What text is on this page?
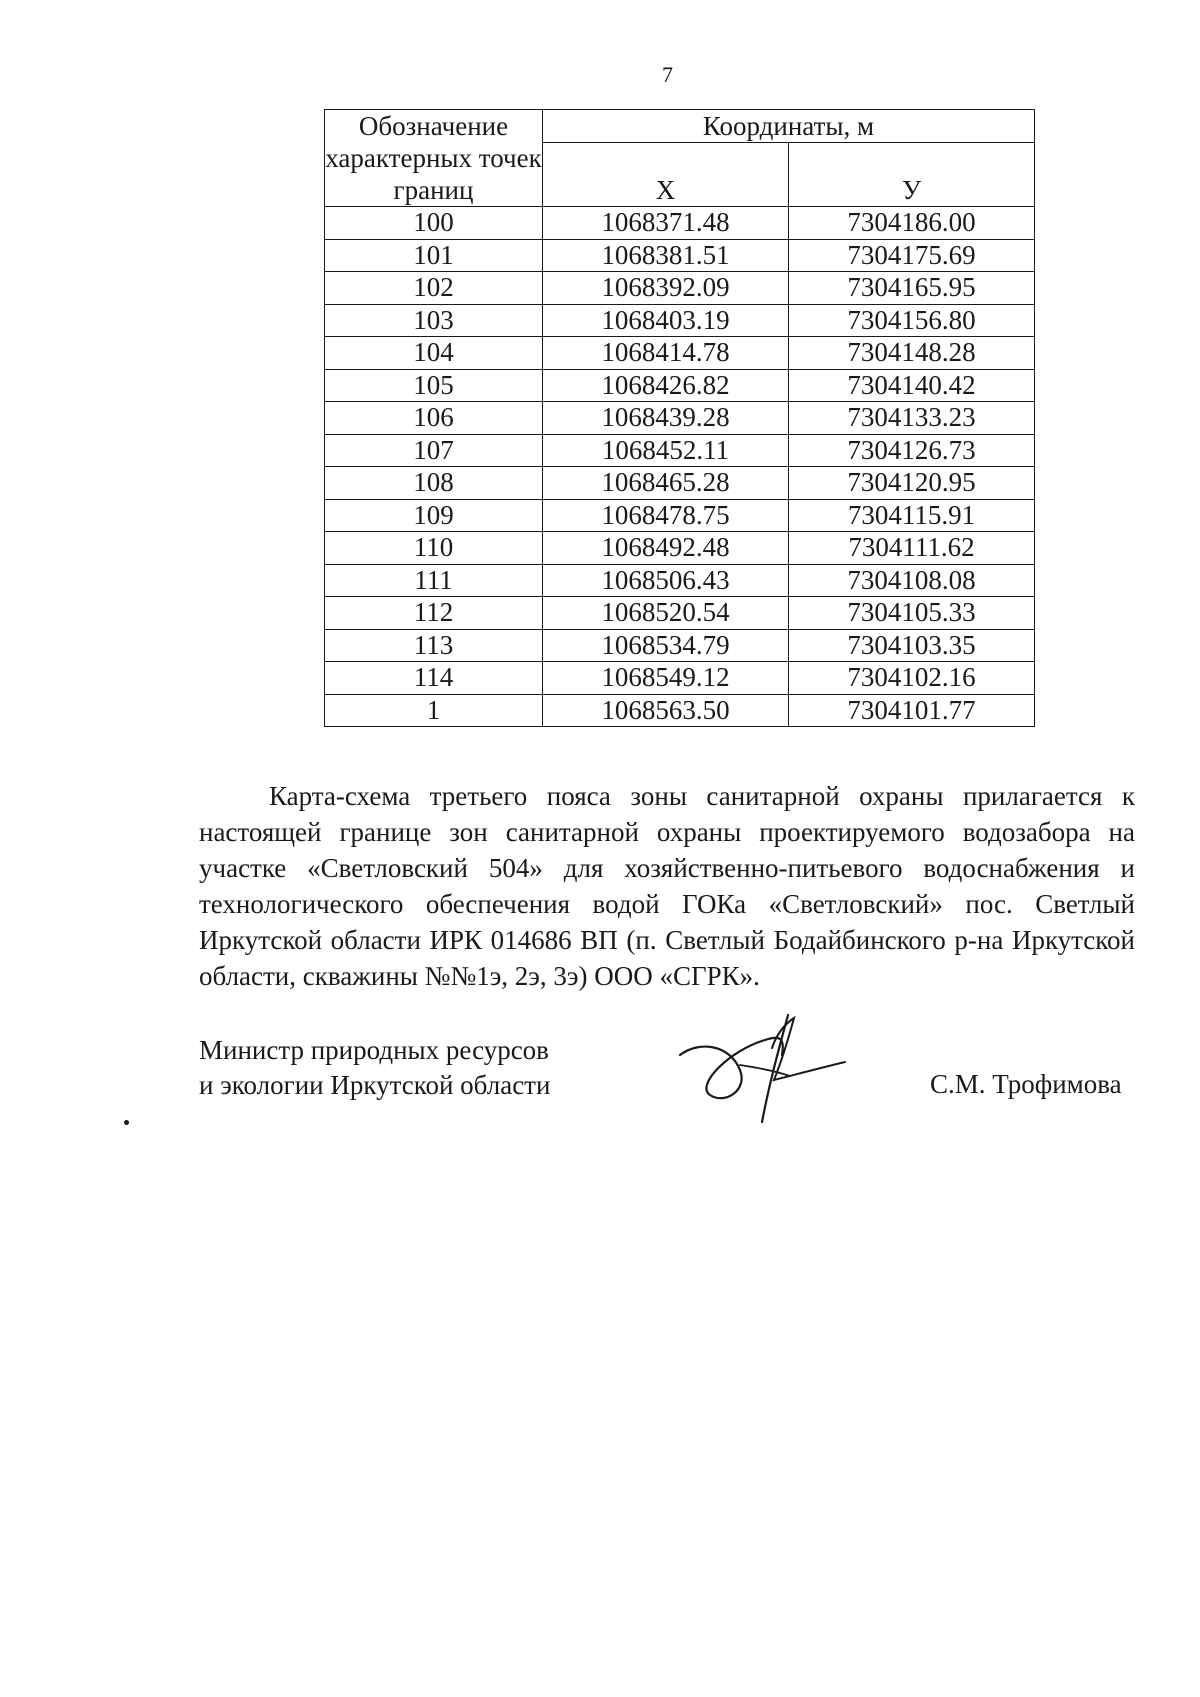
7
Обозначение характерных точек границ	Координаты, м	
	Х	У
100	1068371.48	7304186.00
101	1068381.51	7304175.69
102	1068392.09	7304165.95
103	1068403.19	7304156.80
104	1068414.78	7304148.28
105	1068426.82	7304140.42
106	1068439.28	7304133.23
107	1068452.11	7304126.73
108	1068465.28	7304120.95
109	1068478.75	7304115.91
110	1068492.48	7304111.62
111	1068506.43	7304108.08
112	1068520.54	7304105.33
113	1068534.79	7304103.35
114	1068549.12	7304102.16
1	1068563.50	7304101.77
Карта-схема третьего пояса зоны санитарной охраны прилагается к настоящей границе зон санитарной охраны проектируемого водозабора на участке «Светловский 504» для хозяйственно-питьевого водоснабжения и технологического обеспечения водой ГОКа «Светловский» пос. Светлый Иркутской области ИРК 014686 ВП (п. Светлый Бодайбинского р-на Иркутской области, скважины №№1э, 2э, 3э) ООО «СГРК».
Министр природных ресурсов
и экологии Иркутской области	С.М. Трофимова
